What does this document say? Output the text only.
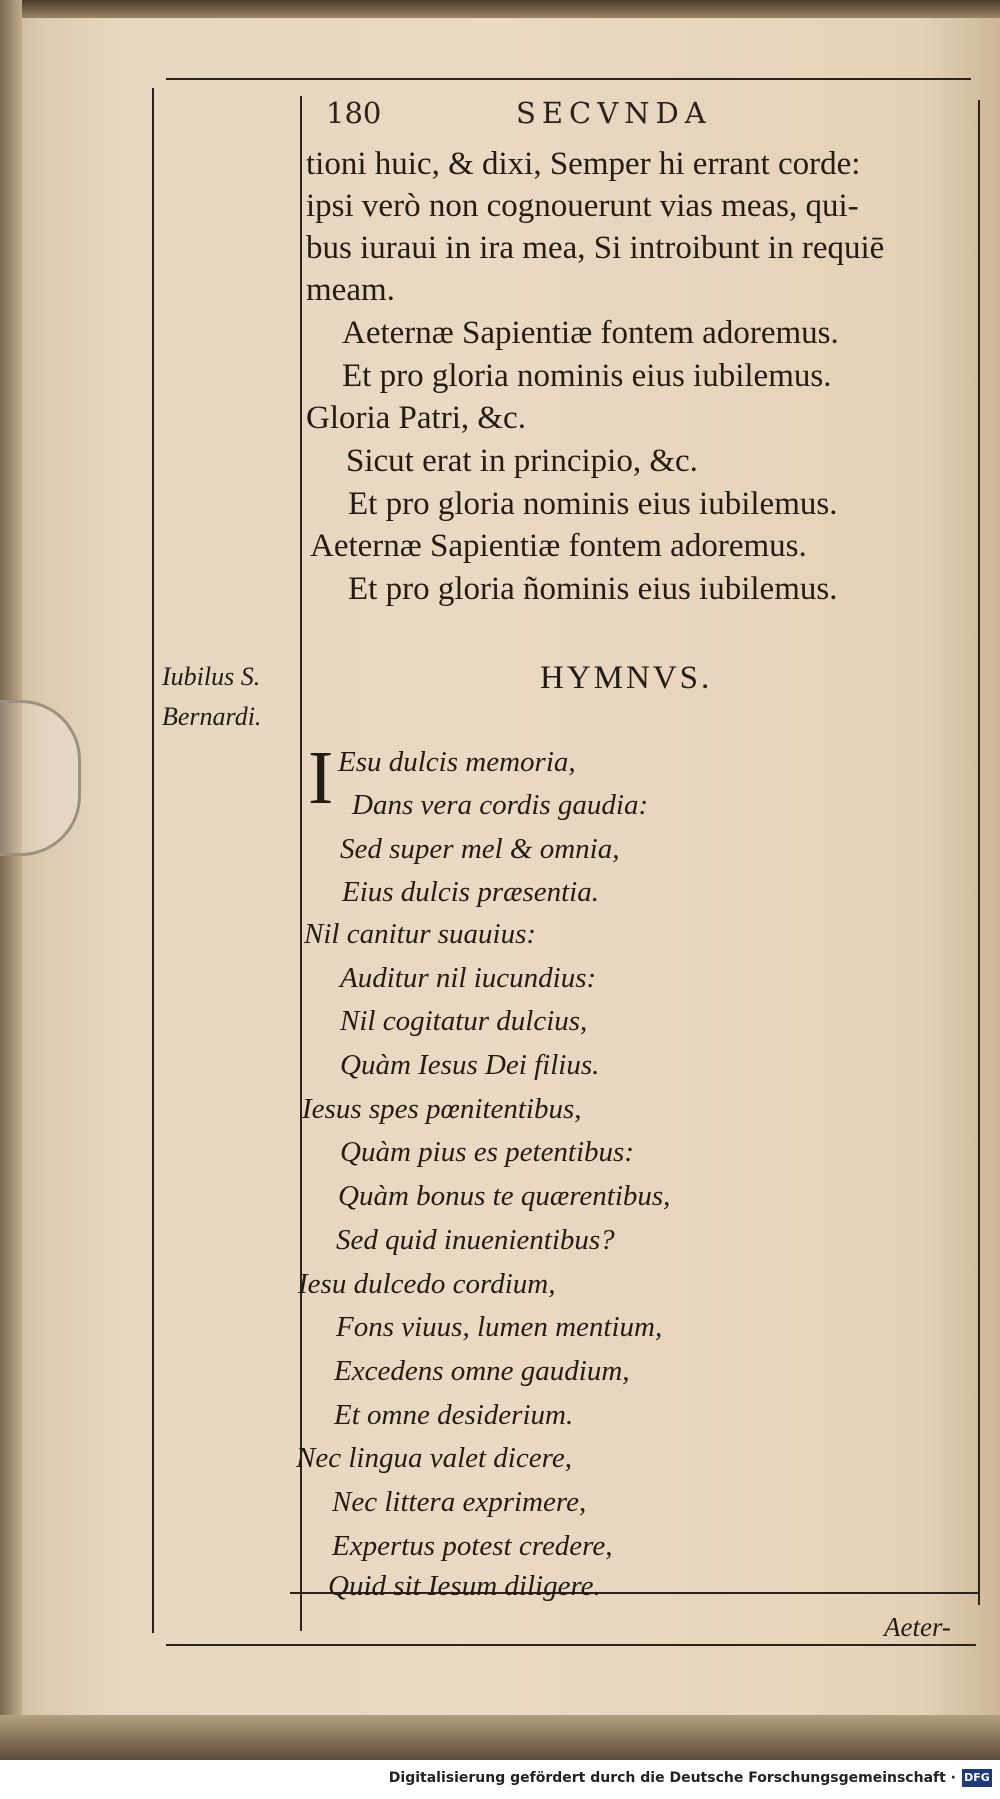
180	SECVNDA
tioni huic, & dixi, Semper hi errant corde:
ipsi verò non cognouerunt vias meas, qui-
bus iuraui in ira mea, Si introibunt in requiē
meam.
Aeternæ Sapientiæ fontem adoremus.
Et pro gloria nominis eius iubilemus.
Gloria Patri, &c.
Sicut erat in principio, &c.
Et pro gloria nominis eius iubilemus.
Aeternæ Sapientiæ fontem adoremus.
Et pro gloria ñominis eius iubilemus.
Iubilus S.
Bernardi.
HYMNVS.
I Esu dulcis memoria,
Dans vera cordis gaudia:
Sed super mel & omnia,
Eius dulcis præsentia.
Nil canitur suauius:
Auditur nil iucundius:
Nil cogitatur dulcius,
Quàm Iesus Dei filius.
Iesus spes pœnitentibus,
Quàm pius es petentibus:
Quàm bonus te quærentibus,
Sed quid inuenientibus?
Iesu dulcedo cordium,
Fons viuus, lumen mentium,
Excedens omne gaudium,
Et omne desiderium.
Nec lingua valet dicere,
Nec littera exprimere,
Expertus potest credere,
Quid sit Iesum diligere.
Aeter-
Digitalisierung gefördert durch die Deutsche Forschungsgemeinschaft · DFG
